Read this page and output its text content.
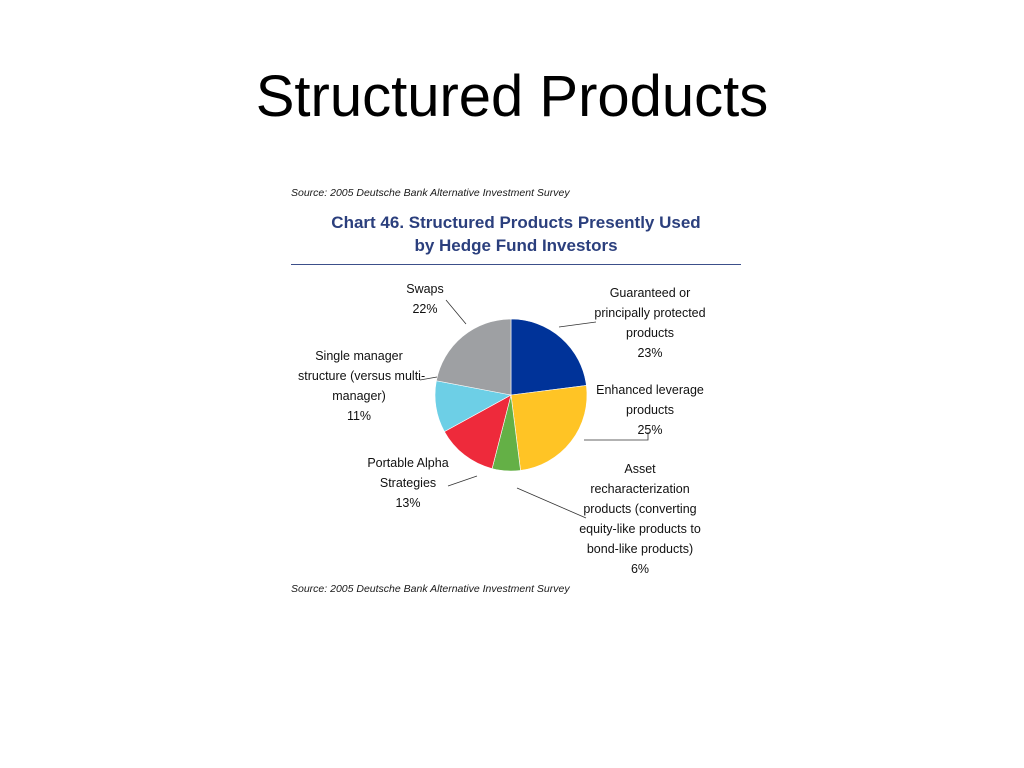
Structured Products
Source: 2005 Deutsche Bank Alternative Investment Survey
Chart 46. Structured Products Presently Used
by Hedge Fund Investors
Guaranteed or
principally protected
products
23%
Enhanced leverage
products
25%
Asset
recharacterization
products (converting
equity-like products to
bond-like products)
6%
Portable Alpha
Strategies
13%
Single manager
structure (versus multi-
manager)
11%
Swaps
22%
Source: 2005 Deutsche Bank Alternative Investment Survey
